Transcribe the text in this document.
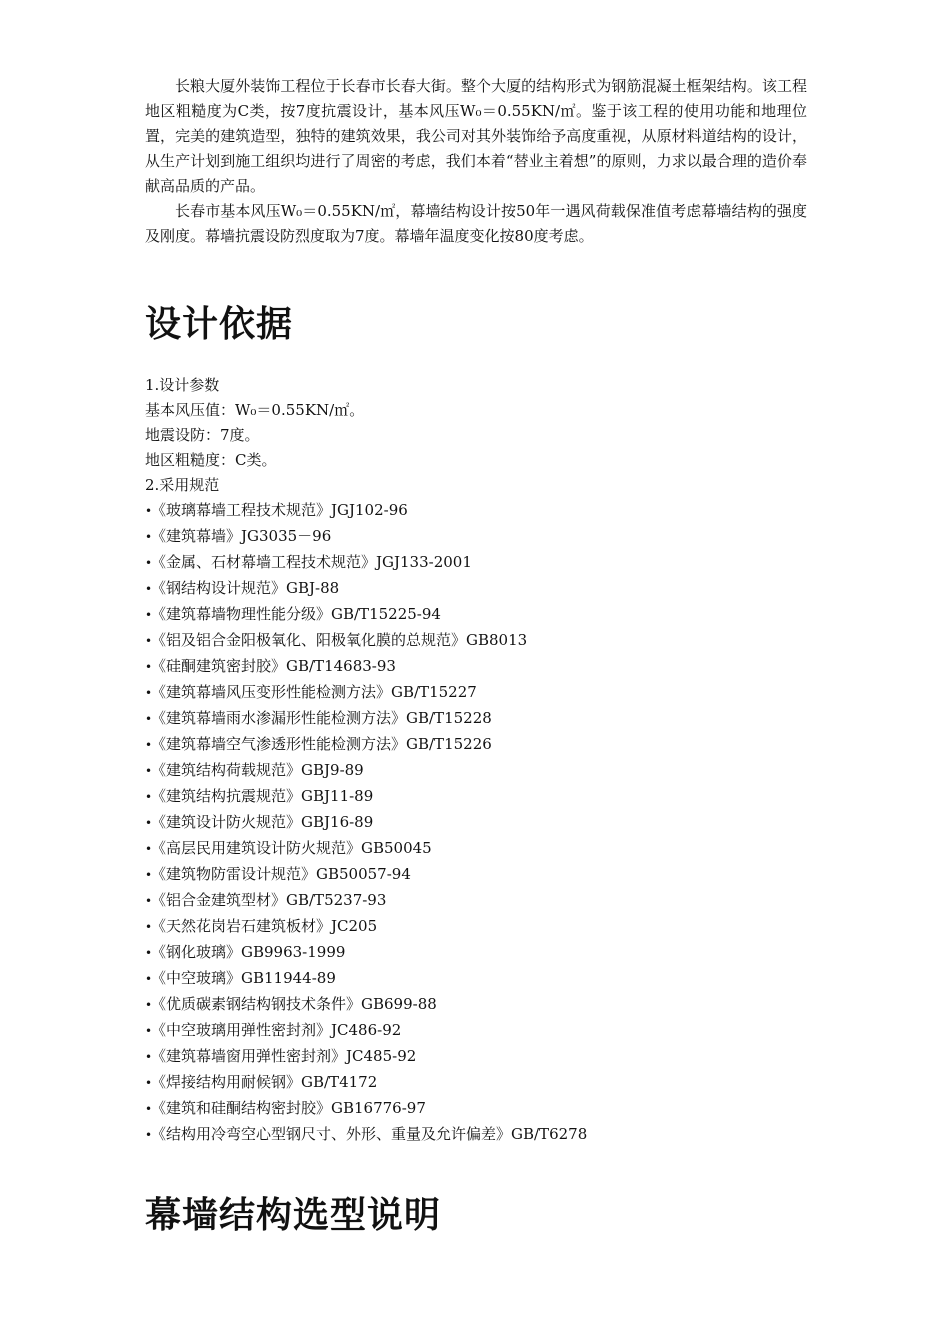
长粮大厦外装饰工程位于长春市长春大街。整个大厦的结构形式为钢筋混凝土框架结构。该工程地区粗糙度为C类，按7度抗震设计，基本风压W₀＝0.55KN/㎡。鉴于该工程的使用功能和地理位置，完美的建筑造型，独特的建筑效果，我公司对其外装饰给予高度重视，从原材料道结构的设计，从生产计划到施工组织均进行了周密的考虑，我们本着“替业主着想”的原则，力求以最合理的造价奉献高品质的产品。

长春市基本风压W₀＝0.55KN/㎡，幕墙结构设计按50年一遇风荷载保准值考虑幕墙结构的强度及刚度。幕墙抗震设防烈度取为7度。幕墙年温度变化按80度考虑。

设计依据

1.设计参数

基本风压值：W₀＝0.55KN/㎡。

地震设防：7度。

地区粗糙度：C类。

2.采用规范

•《玻璃幕墙工程技术规范》JGJ102-96
•《建筑幕墙》JG3035－96
•《金属、石材幕墙工程技术规范》JGJ133-2001
•《钢结构设计规范》GBJ-88
•《建筑幕墙物理性能分级》GB/T15225-94
•《铝及铝合金阳极氧化、阳极氧化膜的总规范》GB8013
•《硅酮建筑密封胶》GB/T14683-93
•《建筑幕墙风压变形性能检测方法》GB/T15227
•《建筑幕墙雨水渗漏形性能检测方法》GB/T15228
•《建筑幕墙空气渗透形性能检测方法》GB/T15226
•《建筑结构荷载规范》GBJ9-89
•《建筑结构抗震规范》GBJ11-89
•《建筑设计防火规范》GBJ16-89
•《高层民用建筑设计防火规范》GB50045
•《建筑物防雷设计规范》GB50057-94
•《铝合金建筑型材》GB/T5237-93
•《天然花岗岩石建筑板材》JC205
•《钢化玻璃》GB9963-1999
•《中空玻璃》GB11944-89
•《优质碳素钢结构钢技术条件》GB699-88
•《中空玻璃用弹性密封剂》JC486-92
•《建筑幕墙窗用弹性密封剂》JC485-92
•《焊接结构用耐候钢》GB/T4172
•《建筑和硅酮结构密封胶》GB16776-97
•《结构用冷弯空心型钢尺寸、外形、重量及允许偏差》GB/T6278
幕墙结构选型说明
